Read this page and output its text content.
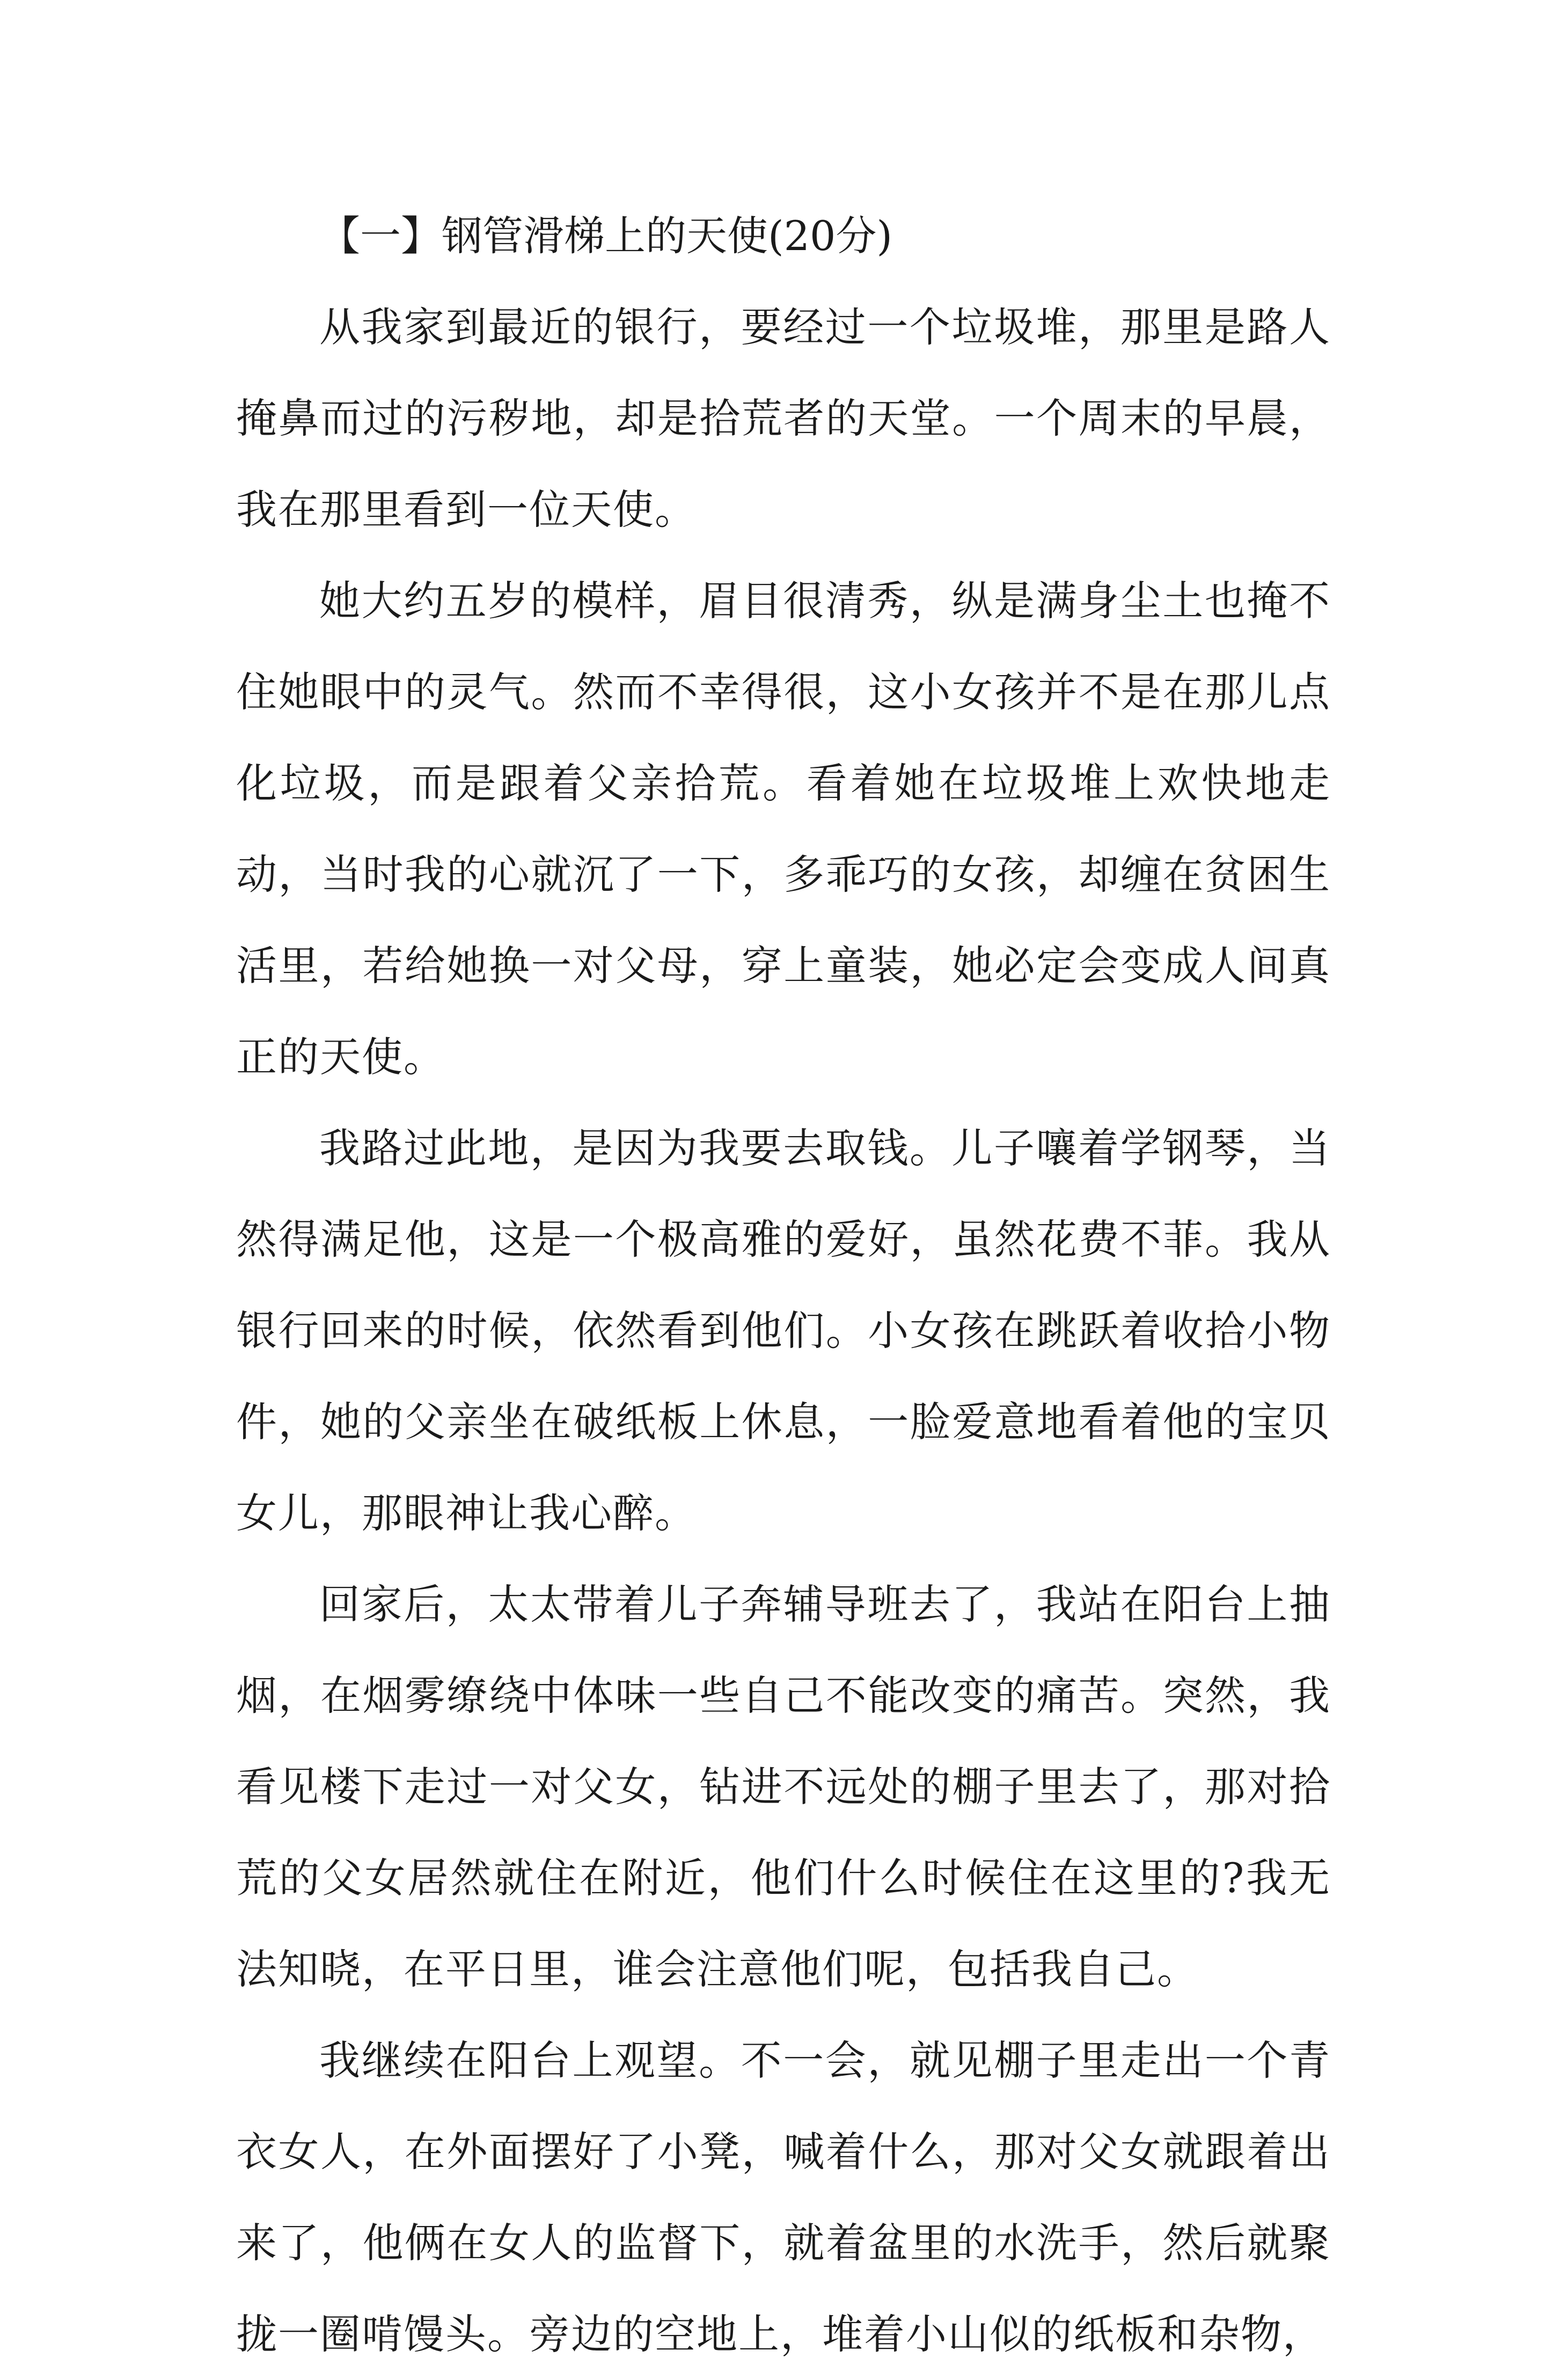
【一】钢管滑梯上的天使(20分)

从我家到最近的银行，要经过一个垃圾堆，那里是路人掩鼻而过的污秽地，却是拾荒者的天堂。一个周末的早晨，我在那里看到一位天使。

她大约五岁的模样，眉目很清秀，纵是满身尘土也掩不住她眼中的灵气。然而不幸得很，这小女孩并不是在那儿点化垃圾，而是跟着父亲拾荒。看着她在垃圾堆上欢快地走动，当时我的心就沉了一下，多乖巧的女孩，却缠在贫困生活里，若给她换一对父母，穿上童装，她必定会变成人间真正的天使。

我路过此地，是因为我要去取钱。儿子嚷着学钢琴，当然得满足他，这是一个极高雅的爱好，虽然花费不菲。我从银行回来的时候，依然看到他们。小女孩在跳跃着收拾小物件，她的父亲坐在破纸板上休息，一脸爱意地看着他的宝贝女儿，那眼神让我心醉。

回家后，太太带着儿子奔辅导班去了，我站在阳台上抽烟，在烟雾缭绕中体味一些自己不能改变的痛苦。突然，我看见楼下走过一对父女，钻进不远处的棚子里去了，那对拾荒的父女居然就住在附近，他们什么时候住在这里的?我无法知晓，在平日里，谁会注意他们呢，包括我自己。

我继续在阳台上观望。不一会，就见棚子里走出一个青衣女人，在外面摆好了小凳，喊着什么，那对父女就跟着出来了，他俩在女人的监督下，就着盆里的水洗手，然后就聚拢一圈啃馒头。旁边的空地上，堆着小山似的纸板和杂物，
